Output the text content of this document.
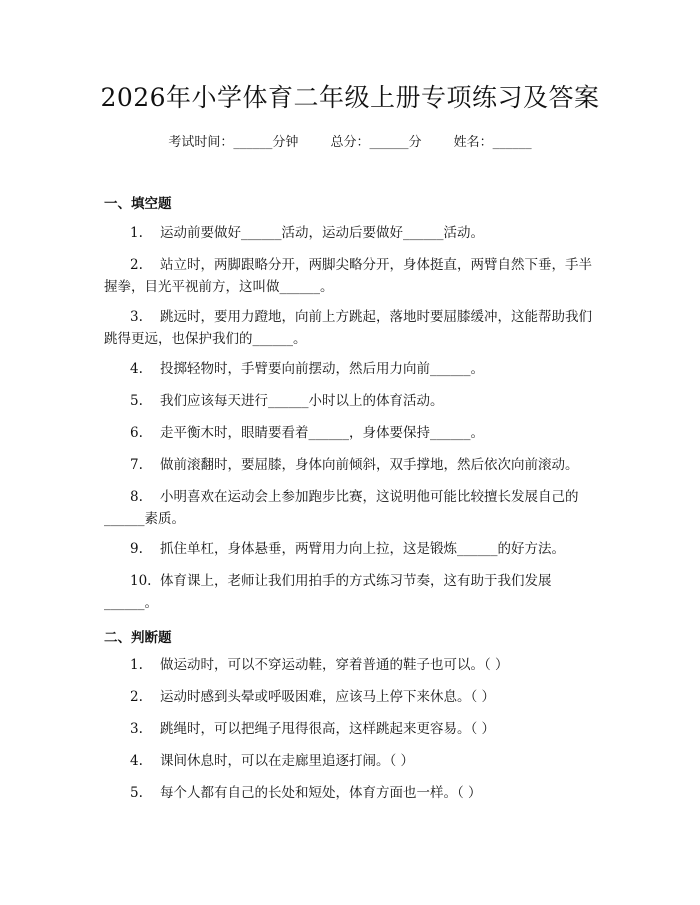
2026年小学体育二年级上册专项练习及答案
考试时间：______分钟 总分：______分 姓名：______
一、填空题
1. 运动前要做好______活动，运动后要做好______活动。
2. 站立时，两脚跟略分开，两脚尖略分开，身体挺直，两臂自然下垂，手半握拳，目光平视前方，这叫做______。
3. 跳远时，要用力蹬地，向前上方跳起，落地时要屈膝缓冲，这能帮助我们跳得更远，也保护我们的______。
4. 投掷轻物时，手臂要向前摆动，然后用力向前______。
5. 我们应该每天进行______小时以上的体育活动。
6. 走平衡木时，眼睛要看着______，身体要保持______。
7. 做前滚翻时，要屈膝，身体向前倾斜，双手撑地，然后依次向前滚动。
8. 小明喜欢在运动会上参加跑步比赛，这说明他可能比较擅长发展自己的______素质。
9. 抓住单杠，身体悬垂，两臂用力向上拉，这是锻炼______的好方法。
10. 体育课上，老师让我们用拍手的方式练习节奏，这有助于我们发展______。
二、判断题
1. 做运动时，可以不穿运动鞋，穿着普通的鞋子也可以。（ ）
2. 运动时感到头晕或呼吸困难，应该马上停下来休息。（ ）
3. 跳绳时，可以把绳子甩得很高，这样跳起来更容易。（ ）
4. 课间休息时，可以在走廊里追逐打闹。（ ）
5. 每个人都有自己的长处和短处，体育方面也一样。（ ）
